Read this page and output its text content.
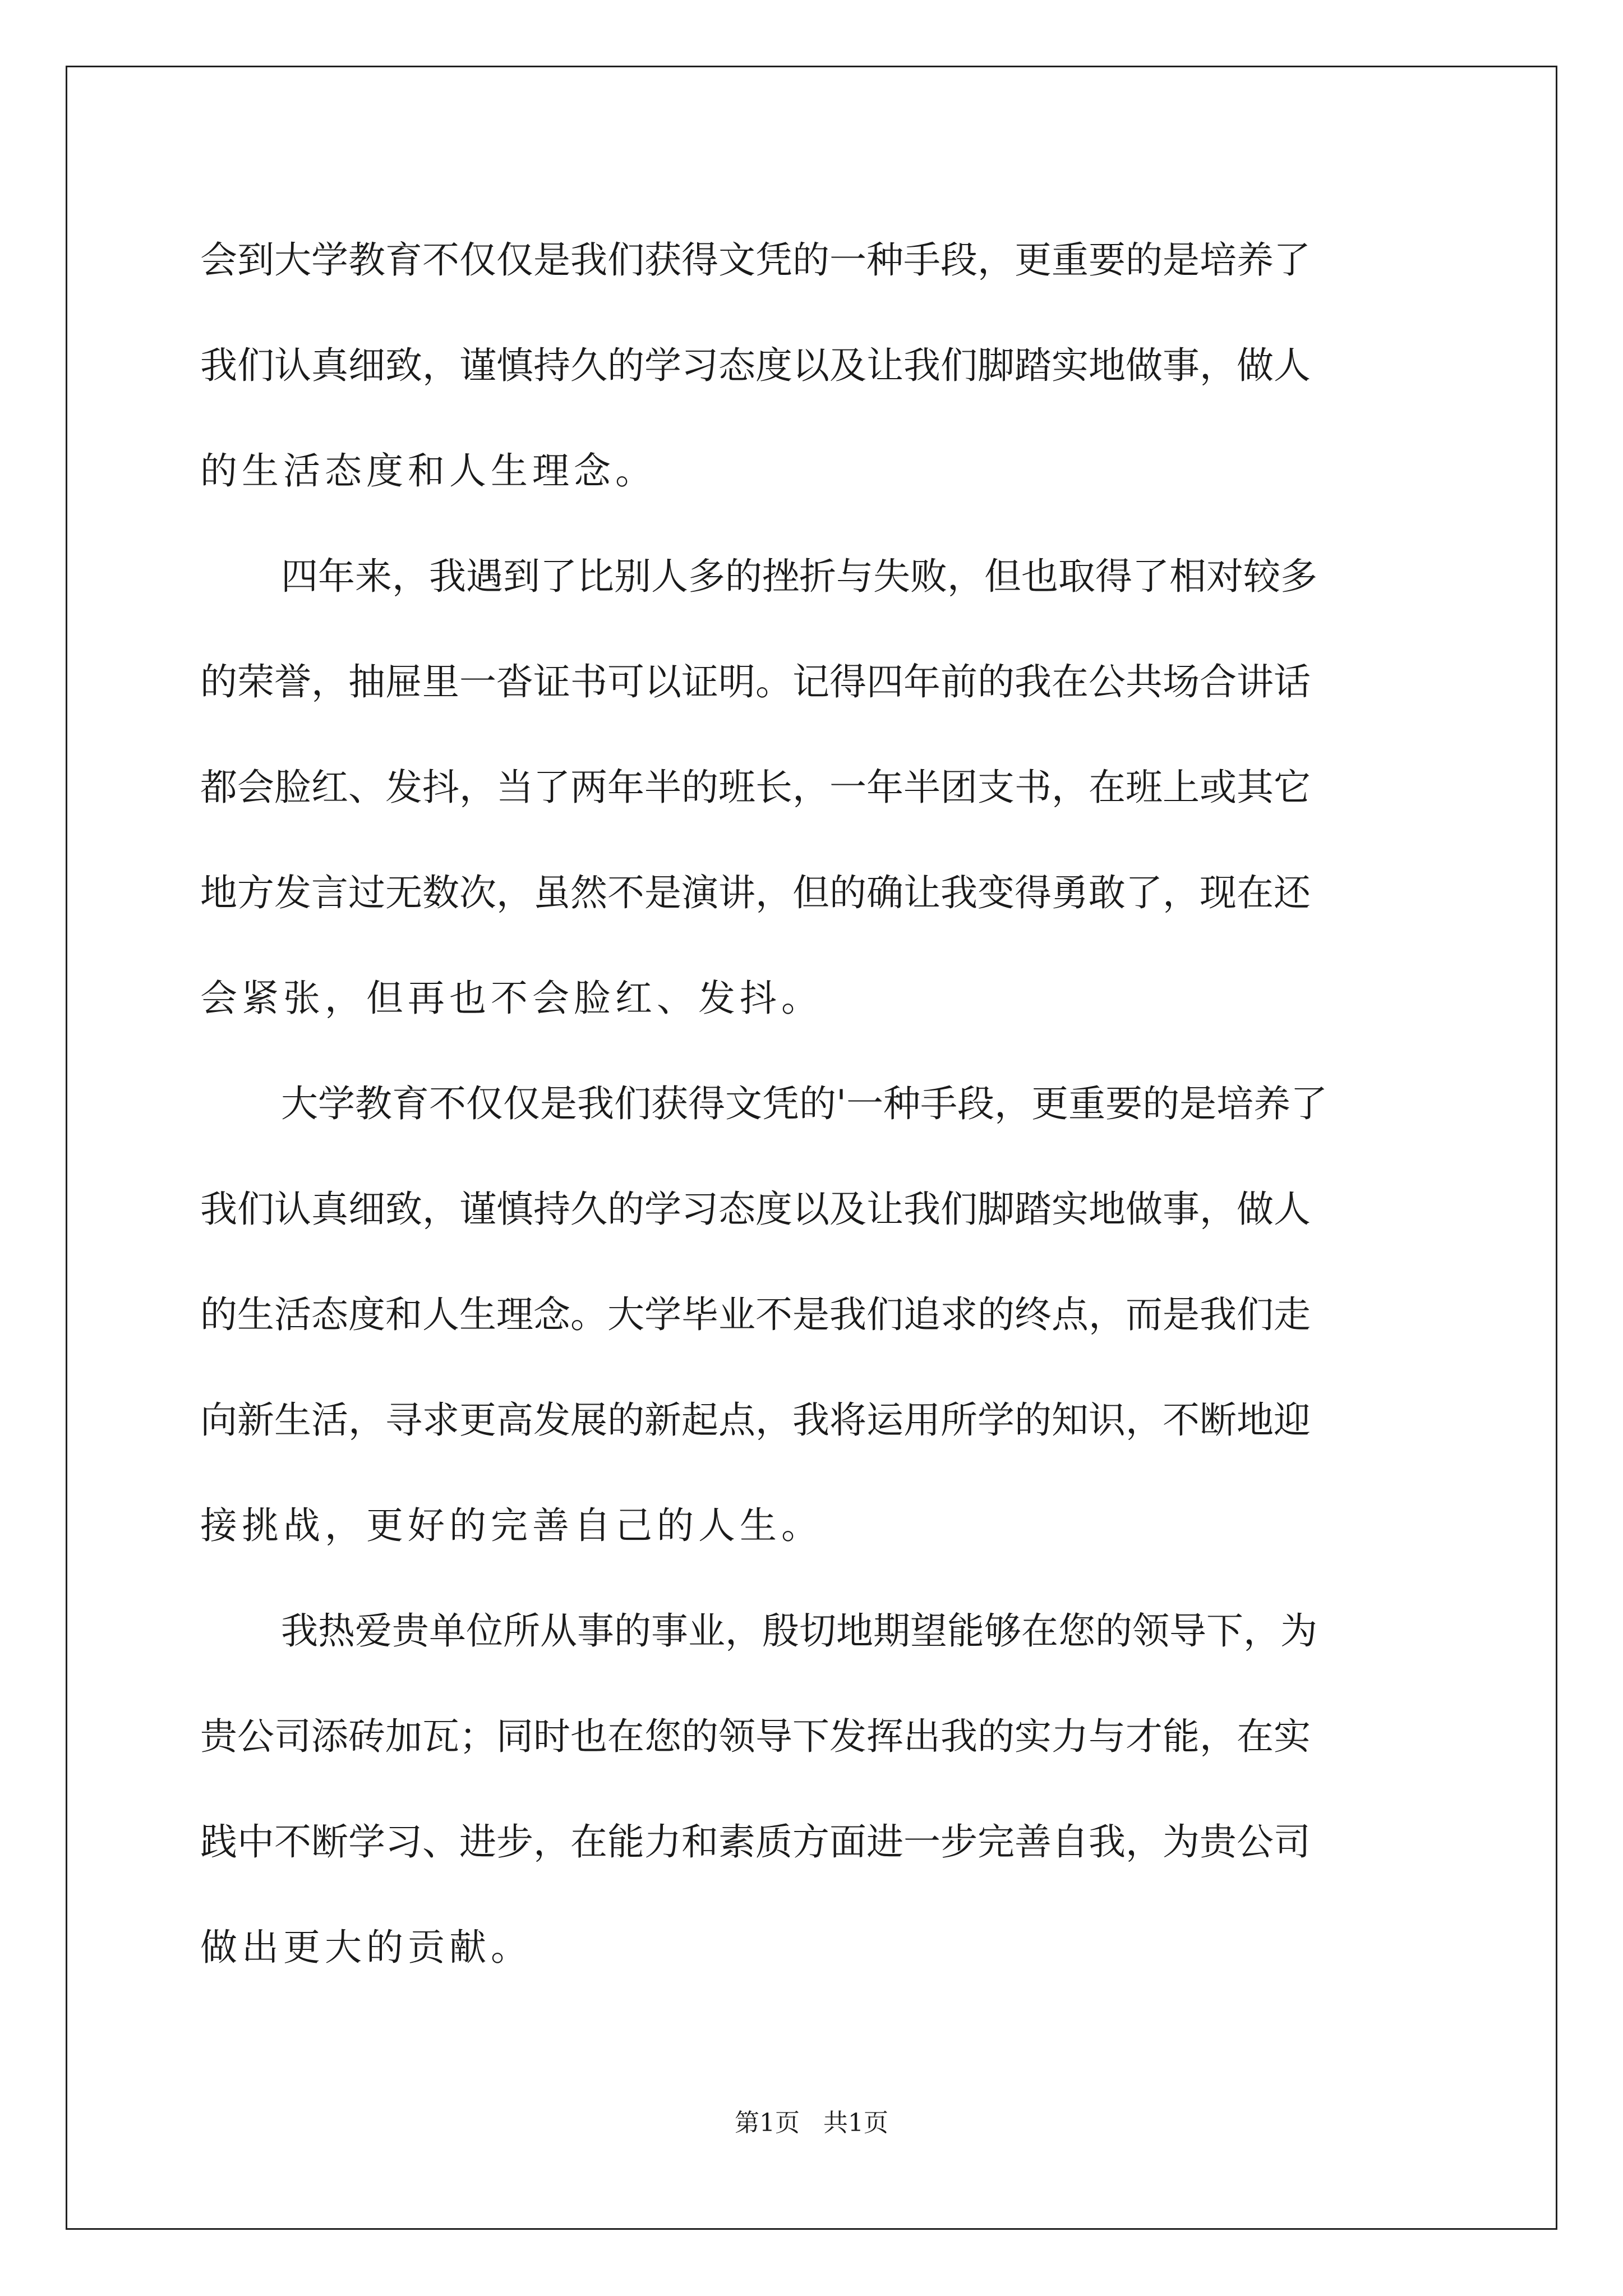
会到大学教育不仅仅是我们获得文凭的一种手段，更重要的是培养了
我们认真细致，谨慎持久的学习态度以及让我们脚踏实地做事，做人
的生活态度和人生理念。
四年来，我遇到了比别人多的挫折与失败，但也取得了相对较多
的荣誉，抽屉里一沓证书可以证明。记得四年前的我在公共场合讲话
都会脸红、发抖，当了两年半的班长，一年半团支书，在班上或其它
地方发言过无数次，虽然不是演讲，但的确让我变得勇敢了，现在还
会紧张，但再也不会脸红、发抖。
大学教育不仅仅是我们获得文凭的'一种手段，更重要的是培养了
我们认真细致，谨慎持久的学习态度以及让我们脚踏实地做事，做人
的生活态度和人生理念。大学毕业不是我们追求的终点，而是我们走
向新生活，寻求更高发展的新起点，我将运用所学的知识，不断地迎
接挑战，更好的完善自己的人生。
我热爱贵单位所从事的事业，殷切地期望能够在您的领导下，为
贵公司添砖加瓦；同时也在您的领导下发挥出我的实力与才能，在实
践中不断学习、进步，在能力和素质方面进一步完善自我，为贵公司
做出更大的贡献。
第1页   共1页
